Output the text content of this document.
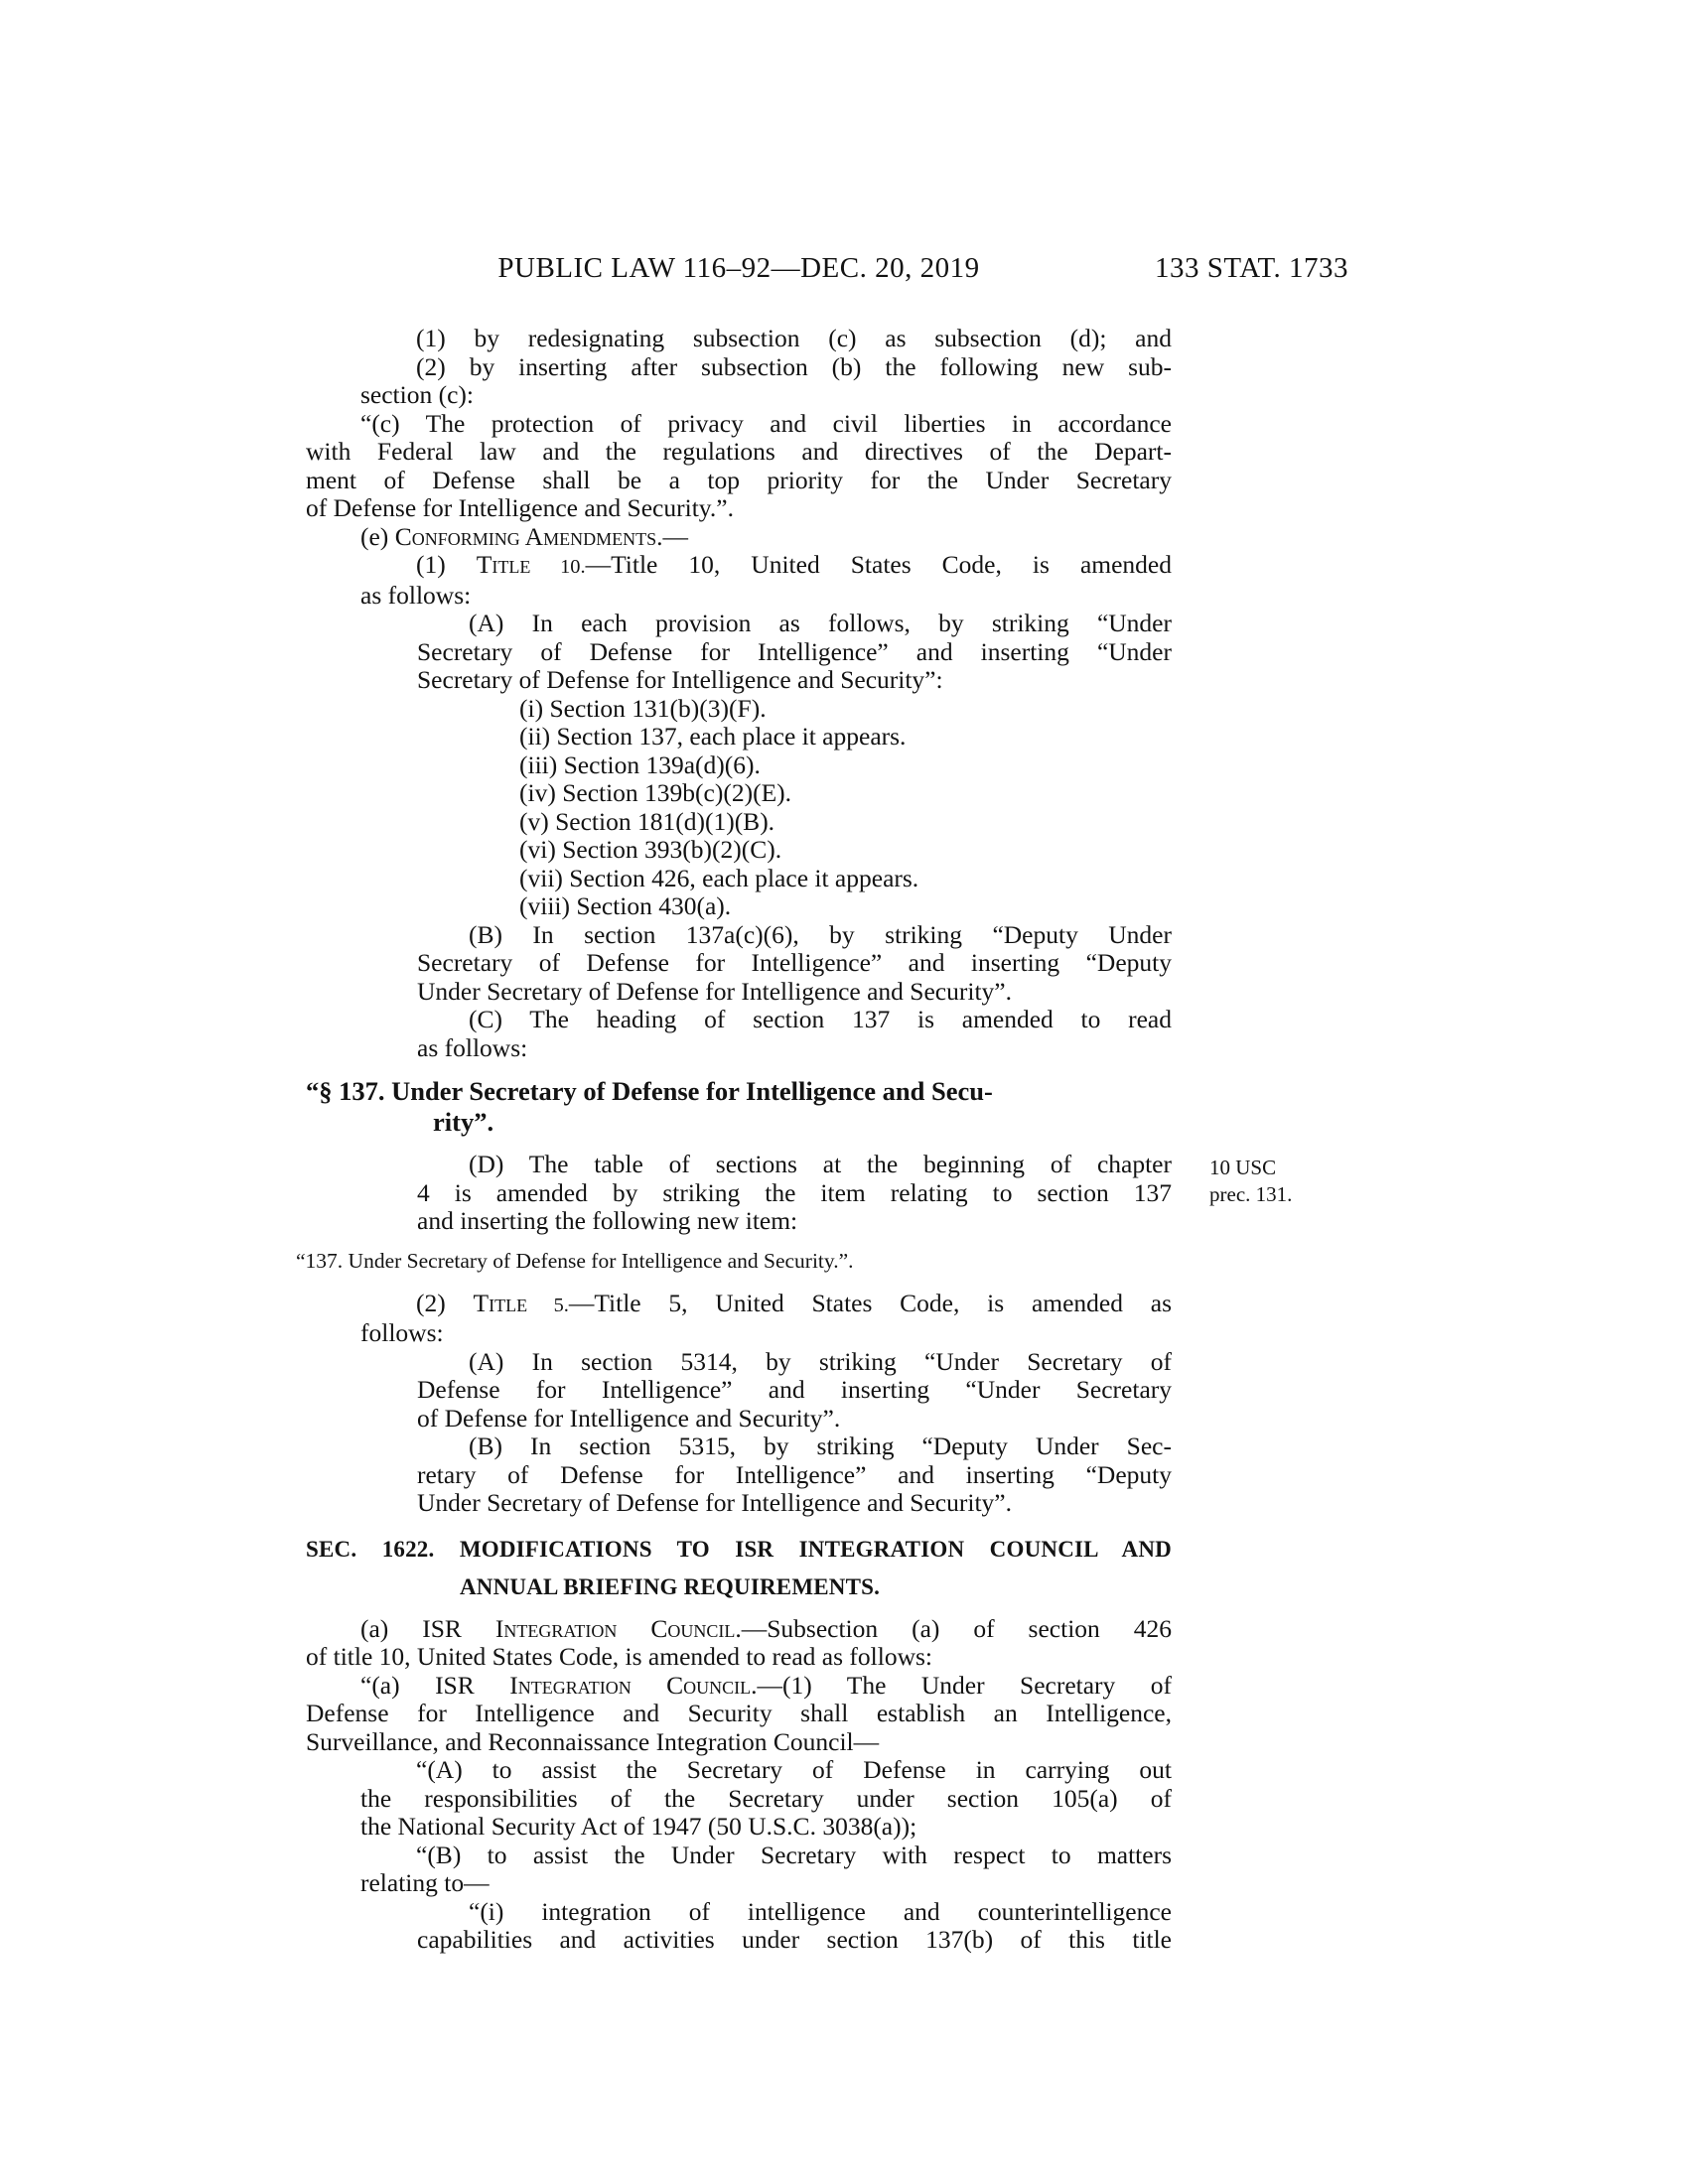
PUBLIC LAW 116–92—DEC. 20, 2019	133 STAT. 1733
(1) by redesignating subsection (c) as subsection (d); and
(2) by inserting after subsection (b) the following new sub-
section (c):
“(c) The protection of privacy and civil liberties in accordance
with Federal law and the regulations and directives of the Depart-
ment of Defense shall be a top priority for the Under Secretary
of Defense for Intelligence and Security.”.
(e) Conforming Amendments.—
(1) Title 10.—Title 10, United States Code, is amended
as follows:
(A) In each provision as follows, by striking “Under
Secretary of Defense for Intelligence” and inserting “Under
Secretary of Defense for Intelligence and Security”:
(i) Section 131(b)(3)(F).
(ii) Section 137, each place it appears.
(iii) Section 139a(d)(6).
(iv) Section 139b(c)(2)(E).
(v) Section 181(d)(1)(B).
(vi) Section 393(b)(2)(C).
(vii) Section 426, each place it appears.
(viii) Section 430(a).
(B) In section 137a(c)(6), by striking “Deputy Under
Secretary of Defense for Intelligence” and inserting “Deputy
Under Secretary of Defense for Intelligence and Security”.
(C) The heading of section 137 is amended to read
as follows:
“§ 137. Under Secretary of Defense for Intelligence and Secu-
rity”.
(D) The table of sections at the beginning of chapter
4 is amended by striking the item relating to section 137
and inserting the following new item:
“137. Under Secretary of Defense for Intelligence and Security.”.
(2) Title 5.—Title 5, United States Code, is amended as
follows:
(A) In section 5314, by striking “Under Secretary of
Defense for Intelligence” and inserting “Under Secretary
of Defense for Intelligence and Security”.
(B) In section 5315, by striking “Deputy Under Sec-
retary of Defense for Intelligence” and inserting “Deputy
Under Secretary of Defense for Intelligence and Security”.
SEC. 1622. MODIFICATIONS TO ISR INTEGRATION COUNCIL AND
ANNUAL BRIEFING REQUIREMENTS.
(a) ISR Integration Council.—Subsection (a) of section 426
of title 10, United States Code, is amended to read as follows:
“(a) ISR Integration Council.—(1) The Under Secretary of
Defense for Intelligence and Security shall establish an Intelligence,
Surveillance, and Reconnaissance Integration Council—
“(A) to assist the Secretary of Defense in carrying out
the responsibilities of the Secretary under section 105(a) of
the National Security Act of 1947 (50 U.S.C. 3038(a));
“(B) to assist the Under Secretary with respect to matters
relating to—
“(i) integration of intelligence and counterintelligence
capabilities and activities under section 137(b) of this title
10 USC
prec. 131.
